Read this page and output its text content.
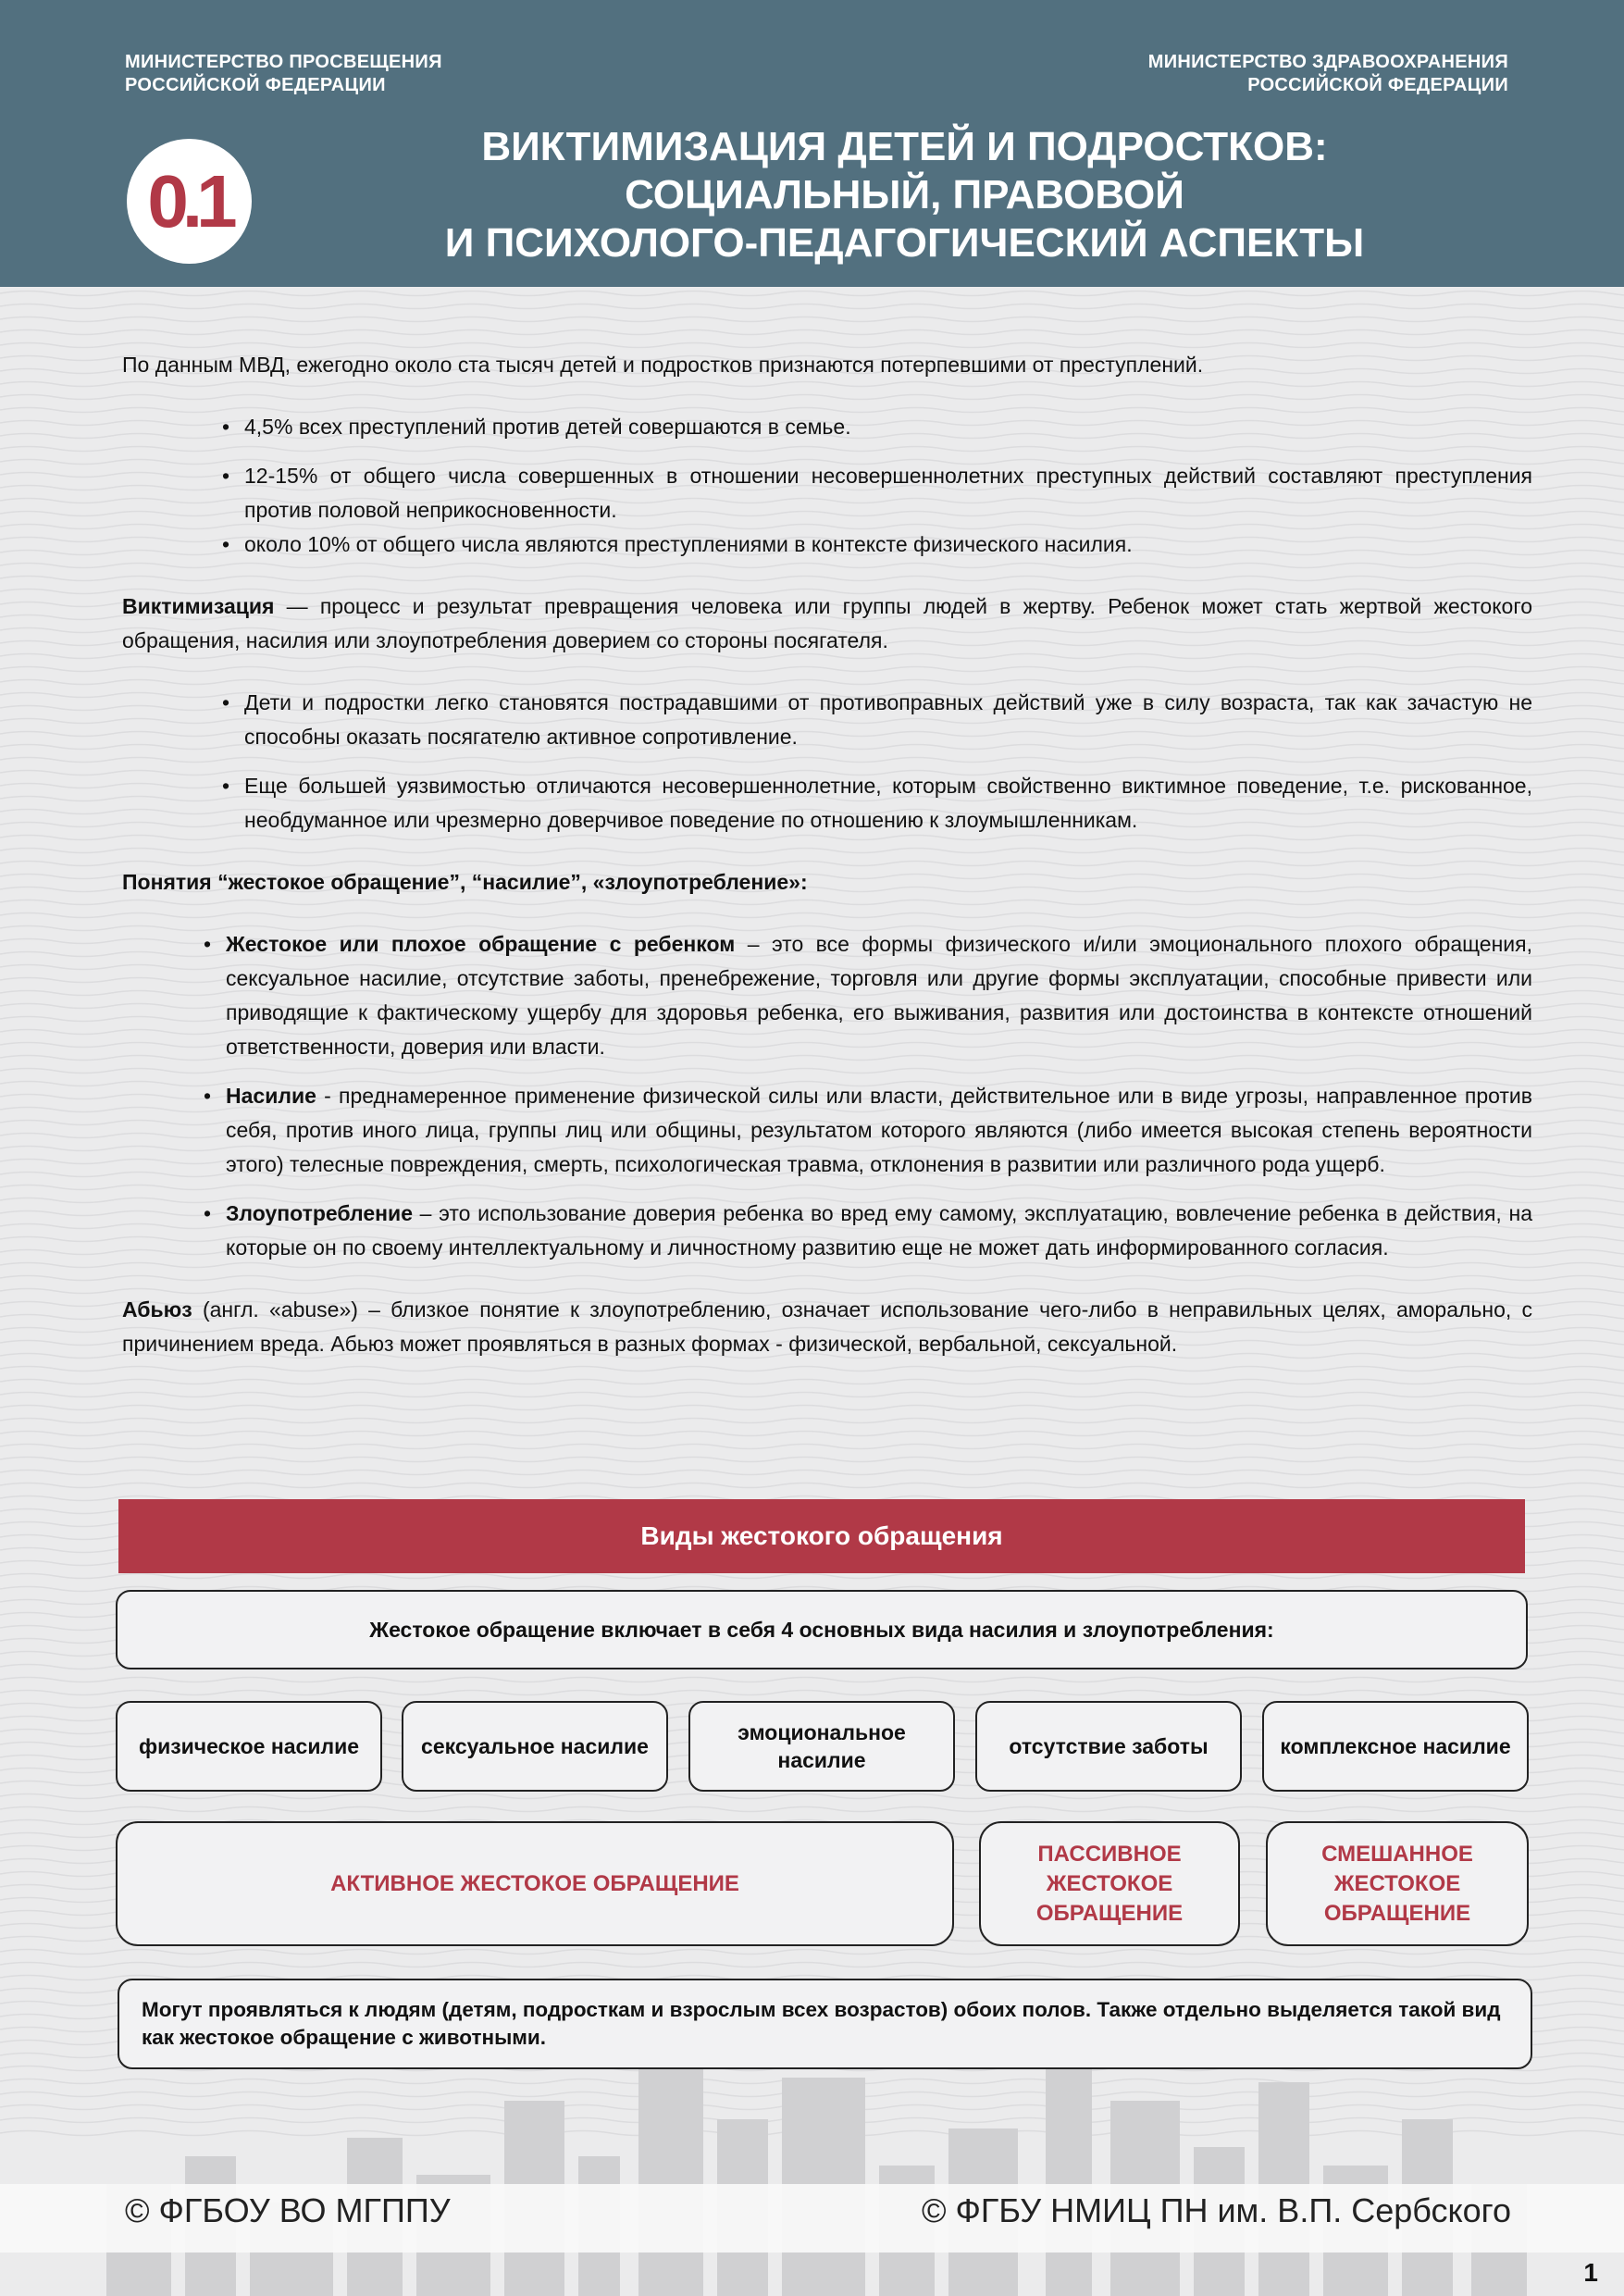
МИНИСТЕРСТВО ПРОСВЕЩЕНИЯ
РОССИЙСКОЙ ФЕДЕРАЦИИ
МИНИСТЕРСТВО ЗДРАВООХРАНЕНИЯ
РОССИЙСКОЙ ФЕДЕРАЦИИ
0.1
ВИКТИМИЗАЦИЯ ДЕТЕЙ И ПОДРОСТКОВ:
СОЦИАЛЬНЫЙ, ПРАВОВОЙ
И ПСИХОЛОГО-ПЕДАГОГИЧЕСКИЙ АСПЕКТЫ

По данным МВД, ежегодно около ста тысяч детей и подростков признаются потерпевшими от преступлений.

• 4,5% всех преступлений против детей совершаются в семье.
• 12-15% от общего числа совершенных в отношении несовершеннолетних преступных действий составляют преступления против половой неприкосновенности.
• около 10% от общего числа являются преступлениями в контексте физического насилия.

Виктимизация — процесс и результат превращения человека или группы людей в жертву. Ребенок может стать жертвой жестокого обращения, насилия или злоупотребления доверием со стороны посягателя.

• Дети и подростки легко становятся пострадавшими от противоправных действий уже в силу возраста, так как зачастую не способны оказать посягателю активное сопротивление.
• Еще большей уязвимостью отличаются несовершеннолетние, которым свойственно виктимное поведение, т.е. рискованное, необдуманное или чрезмерно доверчивое поведение по отношению к злоумышленникам.

Понятия “жестокое обращение”, “насилие”, «злоупотребление»:

• Жестокое или плохое обращение с ребенком – это все формы физического и/или эмоционального плохого обращения, сексуальное насилие, отсутствие заботы, пренебрежение, торговля или другие формы эксплуатации, способные привести или приводящие к фактическому ущербу для здоровья ребенка, его выживания, развития или достоинства в контексте отношений ответственности, доверия или власти.
• Насилие - преднамеренное применение физической силы или власти, действительное или в виде угрозы, направленное против себя, против иного лица, группы лиц или общины, результатом которого являются (либо имеется высокая степень вероятности этого) телесные повреждения, смерть, психологическая травма, отклонения в развитии или различного рода ущерб.
• Злоупотребление – это использование доверия ребенка во вред ему самому, эксплуатацию, вовлечение ребенка в действия, на которые он по своему интеллектуальному и личностному развитию еще не может дать информированного согласия.

Абьюз (англ. «abuse») – близкое понятие к злоупотреблению, означает использование чего-либо в неправильных целях, аморально, с причинением вреда. Абьюз может проявляться в разных формах - физической, вербальной, сексуальной.

Виды жестокого обращения
Жестокое обращение включает в себя 4 основных вида насилия и злоупотребления:
физическое насилие	сексуальное насилие
эмоциональное насилие
отсутствие заботы	комплексное насилие
АКТИВНОЕ ЖЕСТОКОЕ ОБРАЩЕНИЕ
ПАССИВНОЕ ЖЕСТОКОЕ ОБРАЩЕНИЕ
СМЕШАННОЕ ЖЕСТОКОЕ ОБРАЩЕНИЕ
Могут проявляться к людям (детям, подросткам и взрослым всех возрастов) обоих полов. Также отдельно выделяется такой вид как жестокое обращение с животными.
© ФГБОУ ВО МГППУ	© ФГБУ НМИЦ ПН им. В.П. Сербского
1
